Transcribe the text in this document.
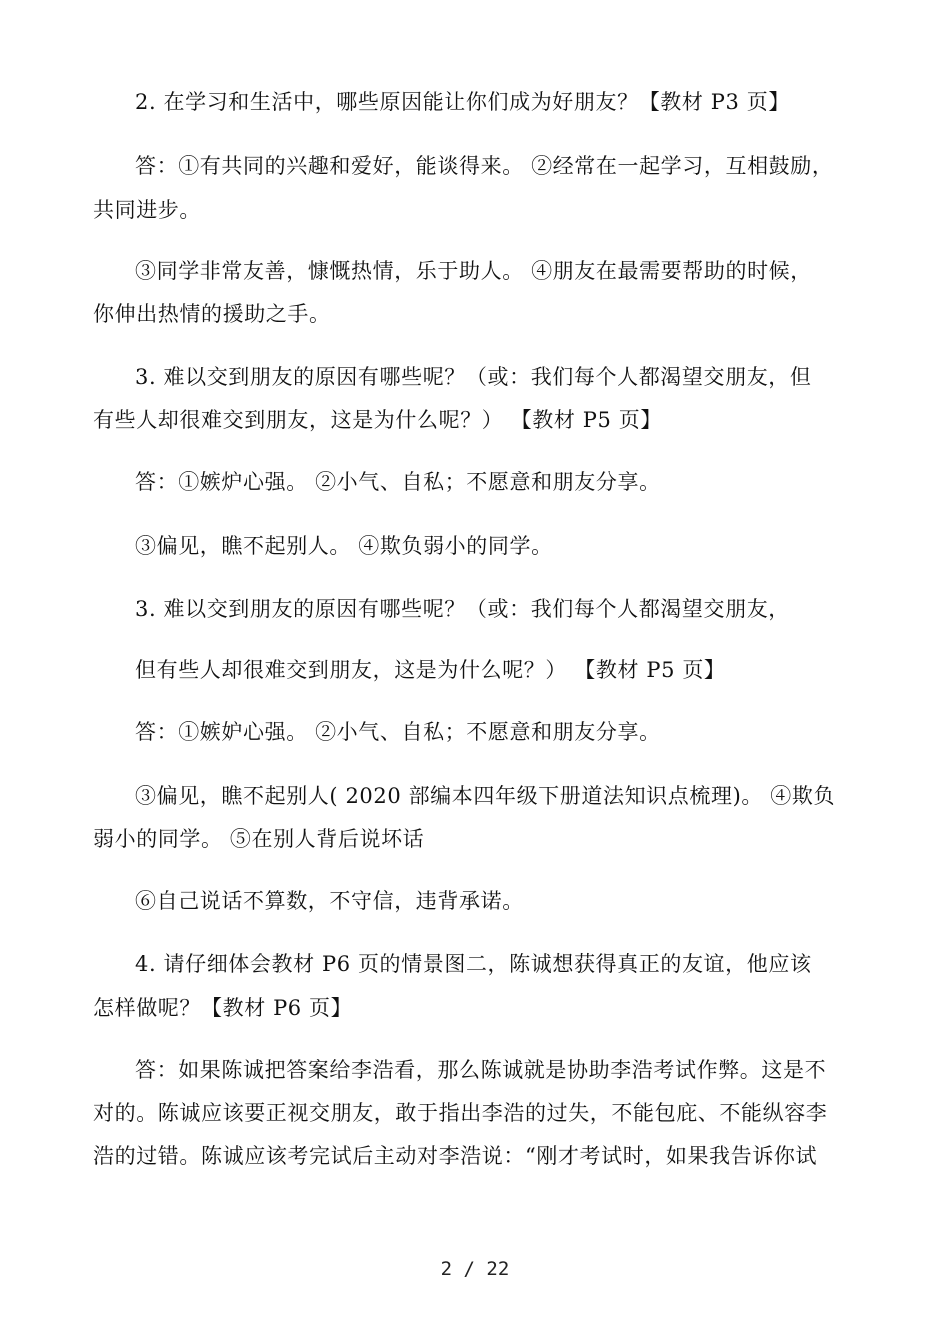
2. 在学习和生活中，哪些原因能让你们成为好朋友？【教材 P3 页】
答：①有共同的兴趣和爱好，能谈得来。 ②经常在一起学习，互相鼓励，
共同进步。
③同学非常友善，慷慨热情，乐于助人。 ④朋友在最需要帮助的时候，
你伸出热情的援助之手。
3. 难以交到朋友的原因有哪些呢？（或：我们每个人都渴望交朋友，但
有些人却很难交到朋友，这是为什么呢？） 【教材 P5 页】
答：①嫉炉心强。 ②小气、自私；不愿意和朋友分享。
③偏见，瞧不起别人。 ④欺负弱小的同学。
3. 难以交到朋友的原因有哪些呢？（或：我们每个人都渴望交朋友，
但有些人却很难交到朋友，这是为什么呢？） 【教材 P5 页】
答：①嫉妒心强。 ②小气、自私；不愿意和朋友分享。
③偏见，瞧不起别人( 2020 部编本四年级下册道法知识点梳理)。 ④欺负
弱小的同学。 ⑤在别人背后说坏话
⑥自己说话不算数，不守信，违背承诺。
4. 请仔细体会教材 P6 页的情景图二，陈诚想获得真正的友谊，他应该
怎样做呢？【教材 P6 页】
答：如果陈诚把答案给李浩看，那么陈诚就是协助李浩考试作弊。这是不
对的。陈诚应该要正视交朋友，敢于指出李浩的过失，不能包庇、不能纵容李
浩的过错。陈诚应该考完试后主动对李浩说：“刚才考试时，如果我告诉你试
2 / 22
